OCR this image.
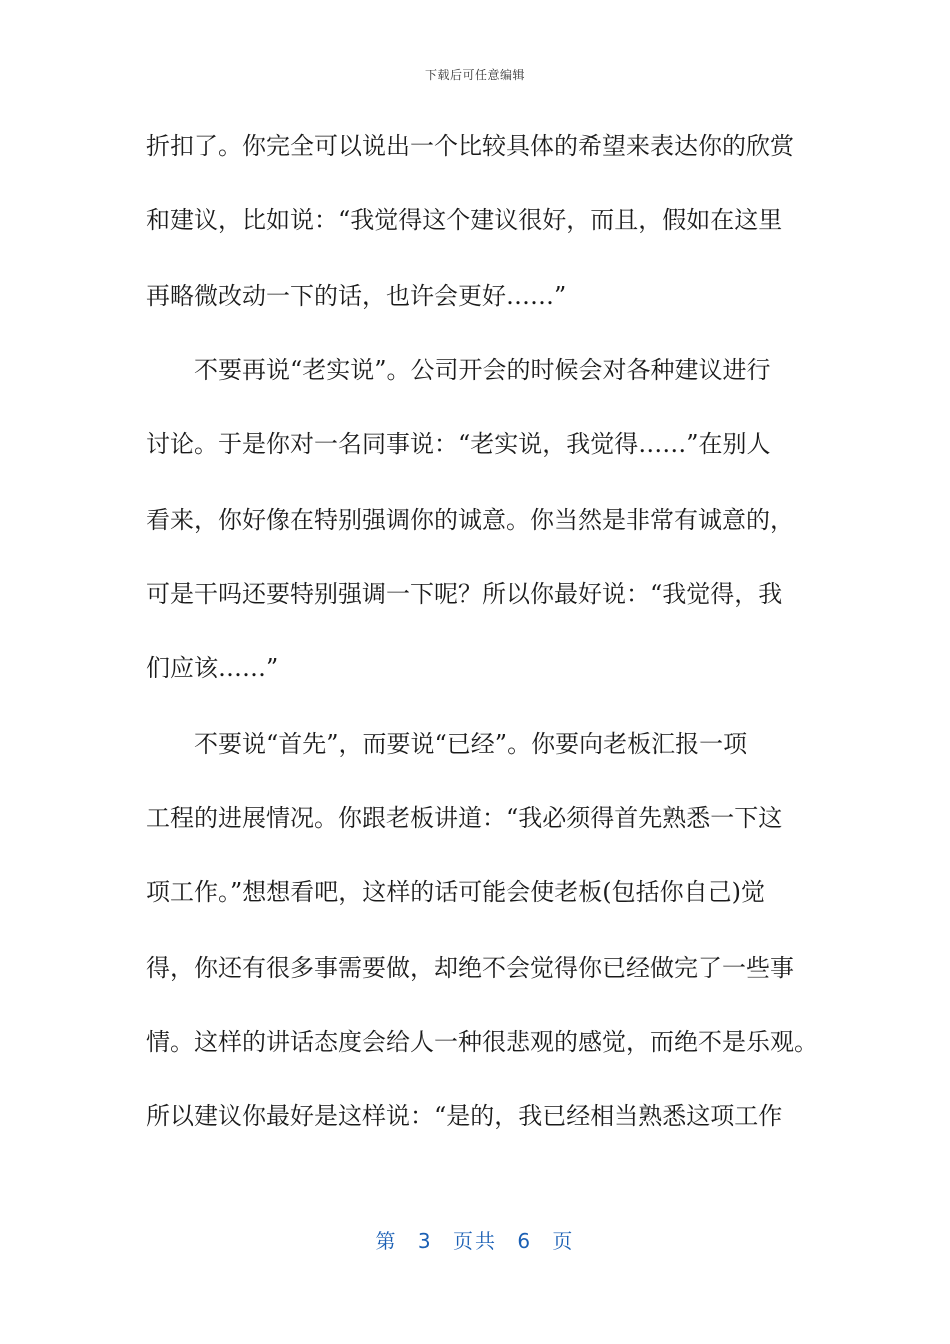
下载后可任意编辑
折扣了。你完全可以说出一个比较具体的希望来表达你的欣赏
和建议，比如说：“我觉得这个建议很好，而且，假如在这里
再略微改动一下的话，也许会更好……”
不要再说“老实说”。公司开会的时候会对各种建议进行
讨论。于是你对一名同事说：“老实说，我觉得……”在别人
看来，你好像在特别强调你的诚意。你当然是非常有诚意的，
可是干吗还要特别强调一下呢？所以你最好说：“我觉得，我
们应该……”
不要说“首先”，而要说“已经”。你要向老板汇报一项
工程的进展情况。你跟老板讲道：“我必须得首先熟悉一下这
项工作。”想想看吧，这样的话可能会使老板(包括你自己)觉
得，你还有很多事需要做，却绝不会觉得你已经做完了一些事
情。这样的讲话态度会给人一种很悲观的感觉，而绝不是乐观。
所以建议你最好是这样说：“是的，我已经相当熟悉这项工作
第 3 页共 6 页
